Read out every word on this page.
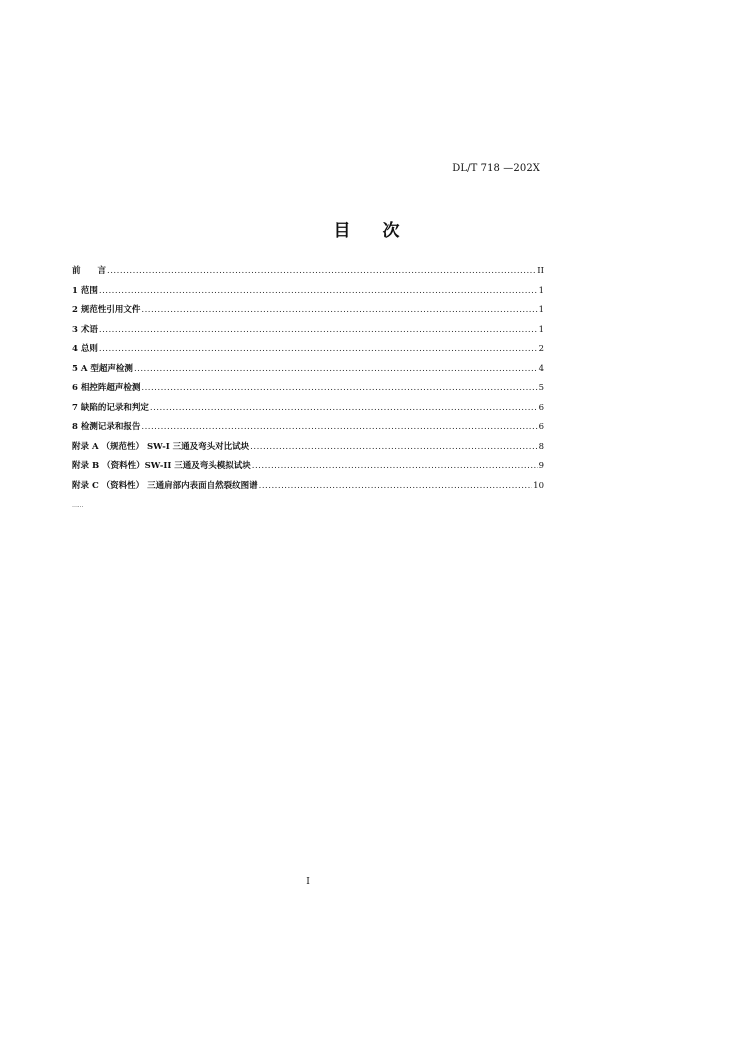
DL/T 718 —202X
目 次
前　　言 .....	II
1 范围 .....	1
2 规范性引用文件 .....	1
3 术语 .....	1
4 总则 .....	2
5 A 型超声检测 .....	4
6 相控阵超声检测 .....	5
7 缺陷的记录和判定 .....	6
8 检测记录和报告 .....	6
附录 A （规范性） SW-I 三通及弯头对比试块 .....	8
附录 B （资料性）SW-II 三通及弯头模拟试块 .....	9
附录 C （资料性） 三通肩部内表面自然裂纹图谱 .....	10
……
I
